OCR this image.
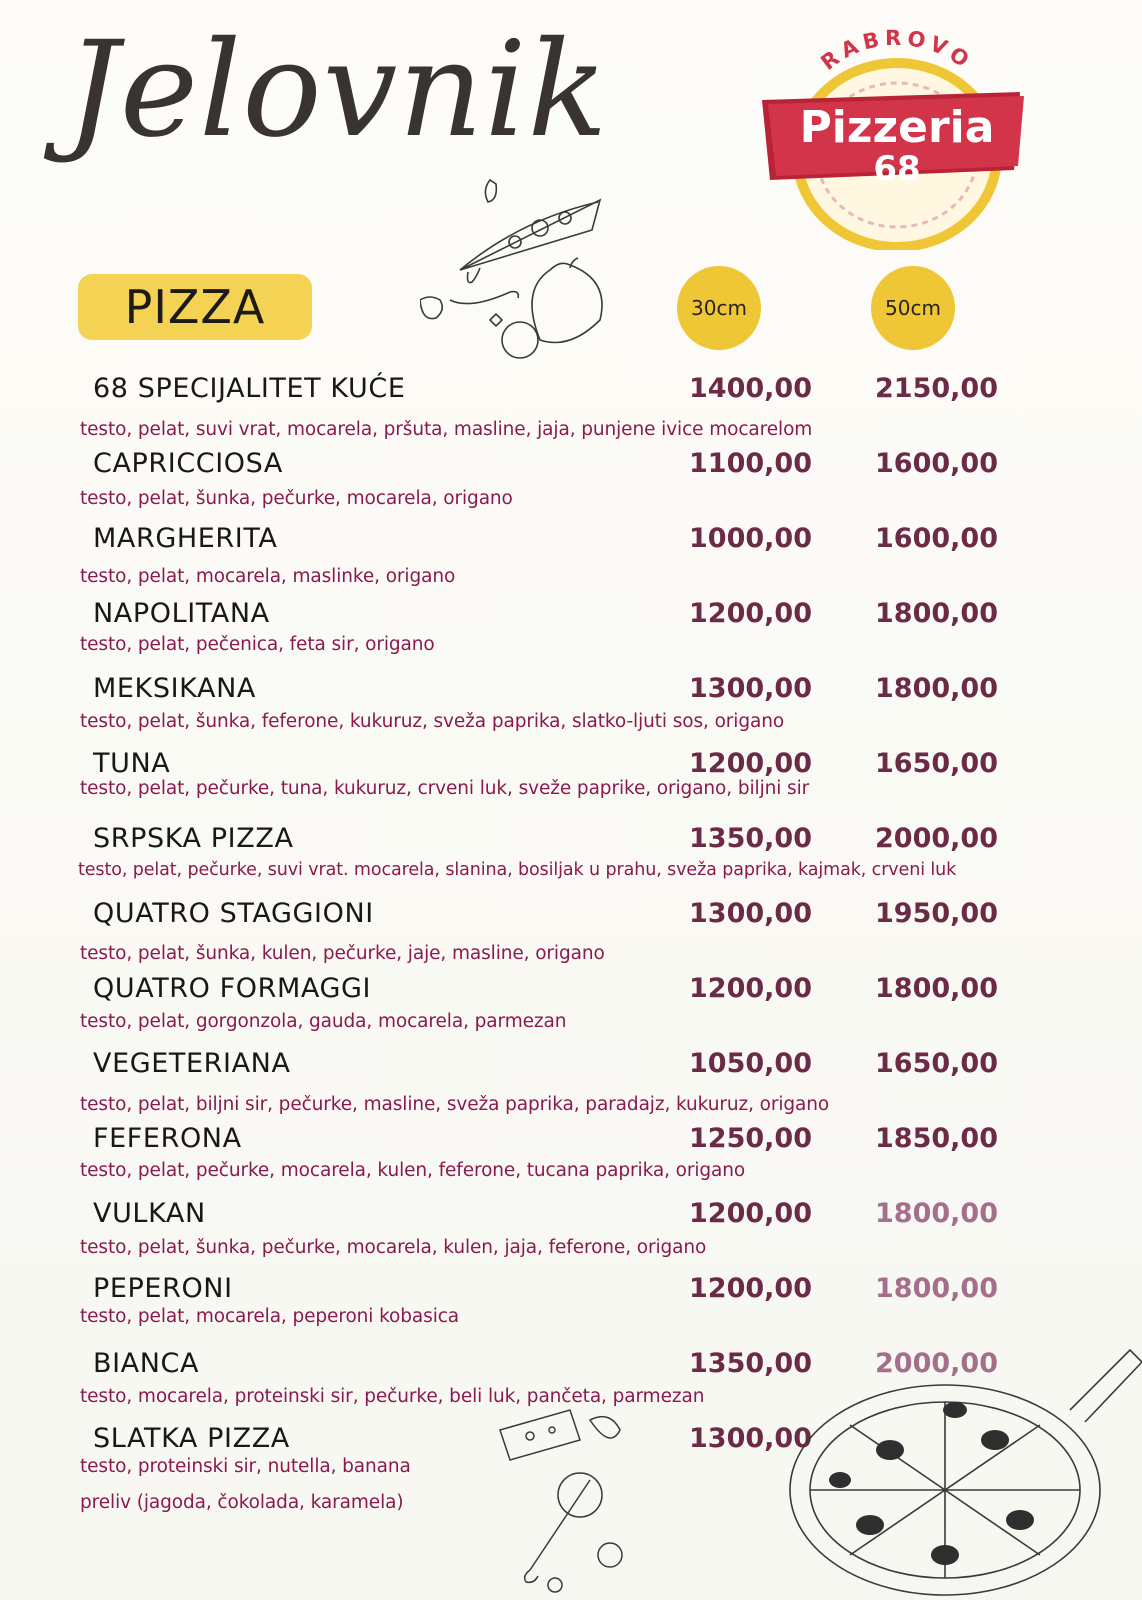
Jelovnik	RABROVO
Pizzeria
68
PIZZA	30cm	50cm
68 SPECIJALITET KUĆE	1400,00 2150,00
testo, pelat, suvi vrat, mocarela, pršuta, masline, jaja, punjene ivice mocarelom
CAPRICCIOSA	1100,00 1600,00
testo, pelat, šunka, pečurke, mocarela, origano
MARGHERITA	1000,00 1600,00
testo, pelat, mocarela, maslinke, origano
NAPOLITANA	1200,00 1800,00
testo, pelat, pečenica, feta sir, origano
MEKSIKANA	1300,00 1800,00
testo, pelat, šunka, feferone, kukuruz, sveža paprika, slatko-ljuti sos, origano
TUNA	1200,00 1650,00
testo, pelat, pečurke, tuna, kukuruz, crveni luk, sveže paprike, origano, biljni sir
SRPSKA PIZZA	1350,00 2000,00
testo, pelat, pečurke, suvi vrat. mocarela, slanina, bosiljak u prahu, sveža paprika, kajmak, crveni luk
QUATRO STAGGIONI	1300,00 1950,00
testo, pelat, šunka, kulen, pečurke, jaje, masline, origano
QUATRO FORMAGGI	1200,00 1800,00
testo, pelat, gorgonzola, gauda, mocarela, parmezan
VEGETERIANA	1050,00 1650,00
testo, pelat, biljni sir, pečurke, masline, sveža paprika, paradajz, kukuruz, origano
FEFERONA	1250,00 1850,00
testo, pelat, pečurke, mocarela, kulen, feferone, tucana paprika, origano
VULKAN	1200,00 1800,00
testo, pelat, šunka, pečurke, mocarela, kulen, jaja, feferone, origano
PEPERONI	1200,00 1800,00
testo, pelat, mocarela, peperoni kobasica
BIANCA	1350,00 2000,00
testo, mocarela, proteinski sir, pečurke, beli luk, pančeta, parmezan
SLATKA PIZZA	1300,00
testo, proteinski sir, nutella, banana
preliv (jagoda, čokolada, karamela)
